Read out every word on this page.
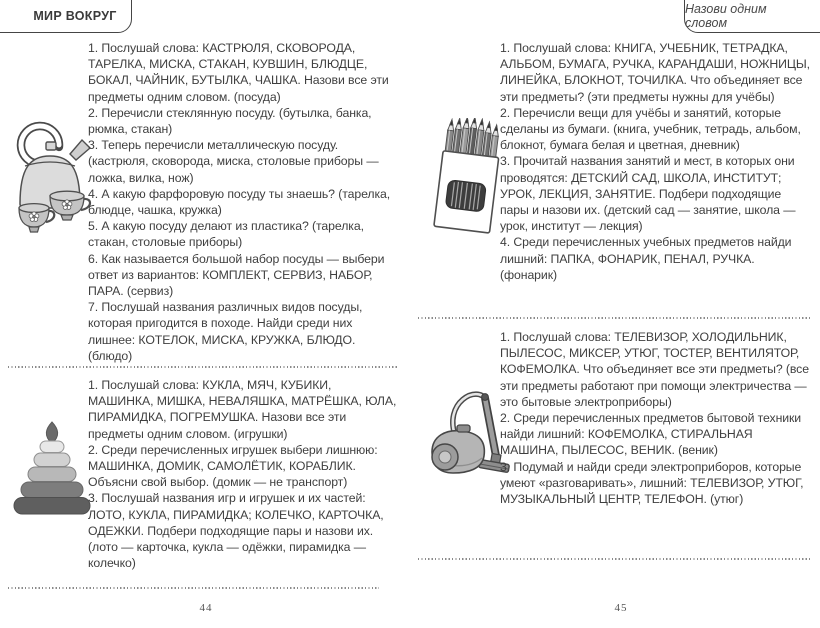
МИР ВОКРУГ	Назови одним словом

1. Послушай слова: КАСТРЮЛЯ, СКОВОРОДА, ТАРЕЛКА, МИСКА, СТАКАН, КУВШИН, БЛЮДЦЕ, БОКАЛ, ЧАЙНИК, БУТЫЛКА, ЧАШКА. Назови все эти предметы одним словом. (посуда)

2. Перечисли стеклянную посуду. (бутылка, банка, рюмка, стакан)

3. Теперь перечисли металлическую посуду. (кастрюля, сковорода, миска, столовые приборы — ложка, вилка, нож)

4. А какую фарфоровую посуду ты знаешь? (тарелка, блюдце, чашка, кружка)

5. А какую посуду делают из пластика? (тарелка, стакан, столовые приборы)

6. Как называется большой набор посуды — выбери ответ из вариантов: КОМПЛЕКТ, СЕРВИЗ, НАБОР, ПАРА. (сервиз)

7. Послушай названия различных видов посуды, которая пригодится в походе. Найди среди них лишнее: КОТЕЛОК, МИСКА, КРУЖКА, БЛЮДО. (блюдо)

1. Послушай слова: КУКЛА, МЯЧ, КУБИКИ, МАШИНКА, МИШКА, НЕВАЛЯШКА, МАТРЁШКА, ЮЛА, ПИРАМИДКА, ПОГРЕМУШКА. Назови все эти предметы одним словом. (игрушки)

2. Среди перечисленных игрушек выбери лишнюю: МАШИНКА, ДОМИК, САМОЛЁТИК, КОРАБЛИК. Объясни свой выбор. (домик — не транспорт)

3. Послушай названия игр и игрушек и их частей: ЛОТО, КУКЛА, ПИРАМИДКА; КОЛЕЧКО, КАРТОЧКА, ОДЕЖКИ. Подбери подходящие пары и назови их. (лото — карточка, кукла — одёжки, пирамидка — колечко)

44

1. Послушай слова: КНИГА, УЧЕБНИК, ТЕТРАДКА, АЛЬБОМ, БУМАГА, РУЧКА, КАРАНДАШИ, НОЖНИЦЫ, ЛИНЕЙКА, БЛОКНОТ, ТОЧИЛКА. Что объединяет все эти предметы? (эти предметы нужны для учёбы)

2. Перечисли вещи для учёбы и занятий, которые сделаны из бумаги. (книга, учебник, тетрадь, альбом, блокнот, бумага белая и цветная, дневник)

3. Прочитай названия занятий и мест, в которых они проводятся: ДЕТСКИЙ САД, ШКОЛА, ИНСТИТУТ; УРОК, ЛЕКЦИЯ, ЗАНЯТИЕ. Подбери подходящие пары и назови их. (детский сад — занятие, школа — урок, институт — лекция)

4. Среди перечисленных учебных предметов найди лишний: ПАПКА, ФОНАРИК, ПЕНАЛ, РУЧКА. (фонарик)

1. Послушай слова: ТЕЛЕВИЗОР, ХОЛОДИЛЬНИК, ПЫЛЕСОС, МИКСЕР, УТЮГ, ТОСТЕР, ВЕНТИЛЯТОР, КОФЕМОЛКА. Что объединяет все эти предметы? (все эти предметы работают при помощи электричества — это бытовые электроприборы)

2. Среди перечисленных предметов бытовой техники найди лишний: КОФЕМОЛКА, СТИРАЛЬНАЯ МАШИНА, ПЫЛЕСОС, ВЕНИК. (веник)

3. Подумай и найди среди электроприборов, которые умеют «разговаривать», лишний: ТЕЛЕВИЗОР, УТЮГ, МУЗЫКАЛЬНЫЙ ЦЕНТР, ТЕЛЕФОН. (утюг)

45
